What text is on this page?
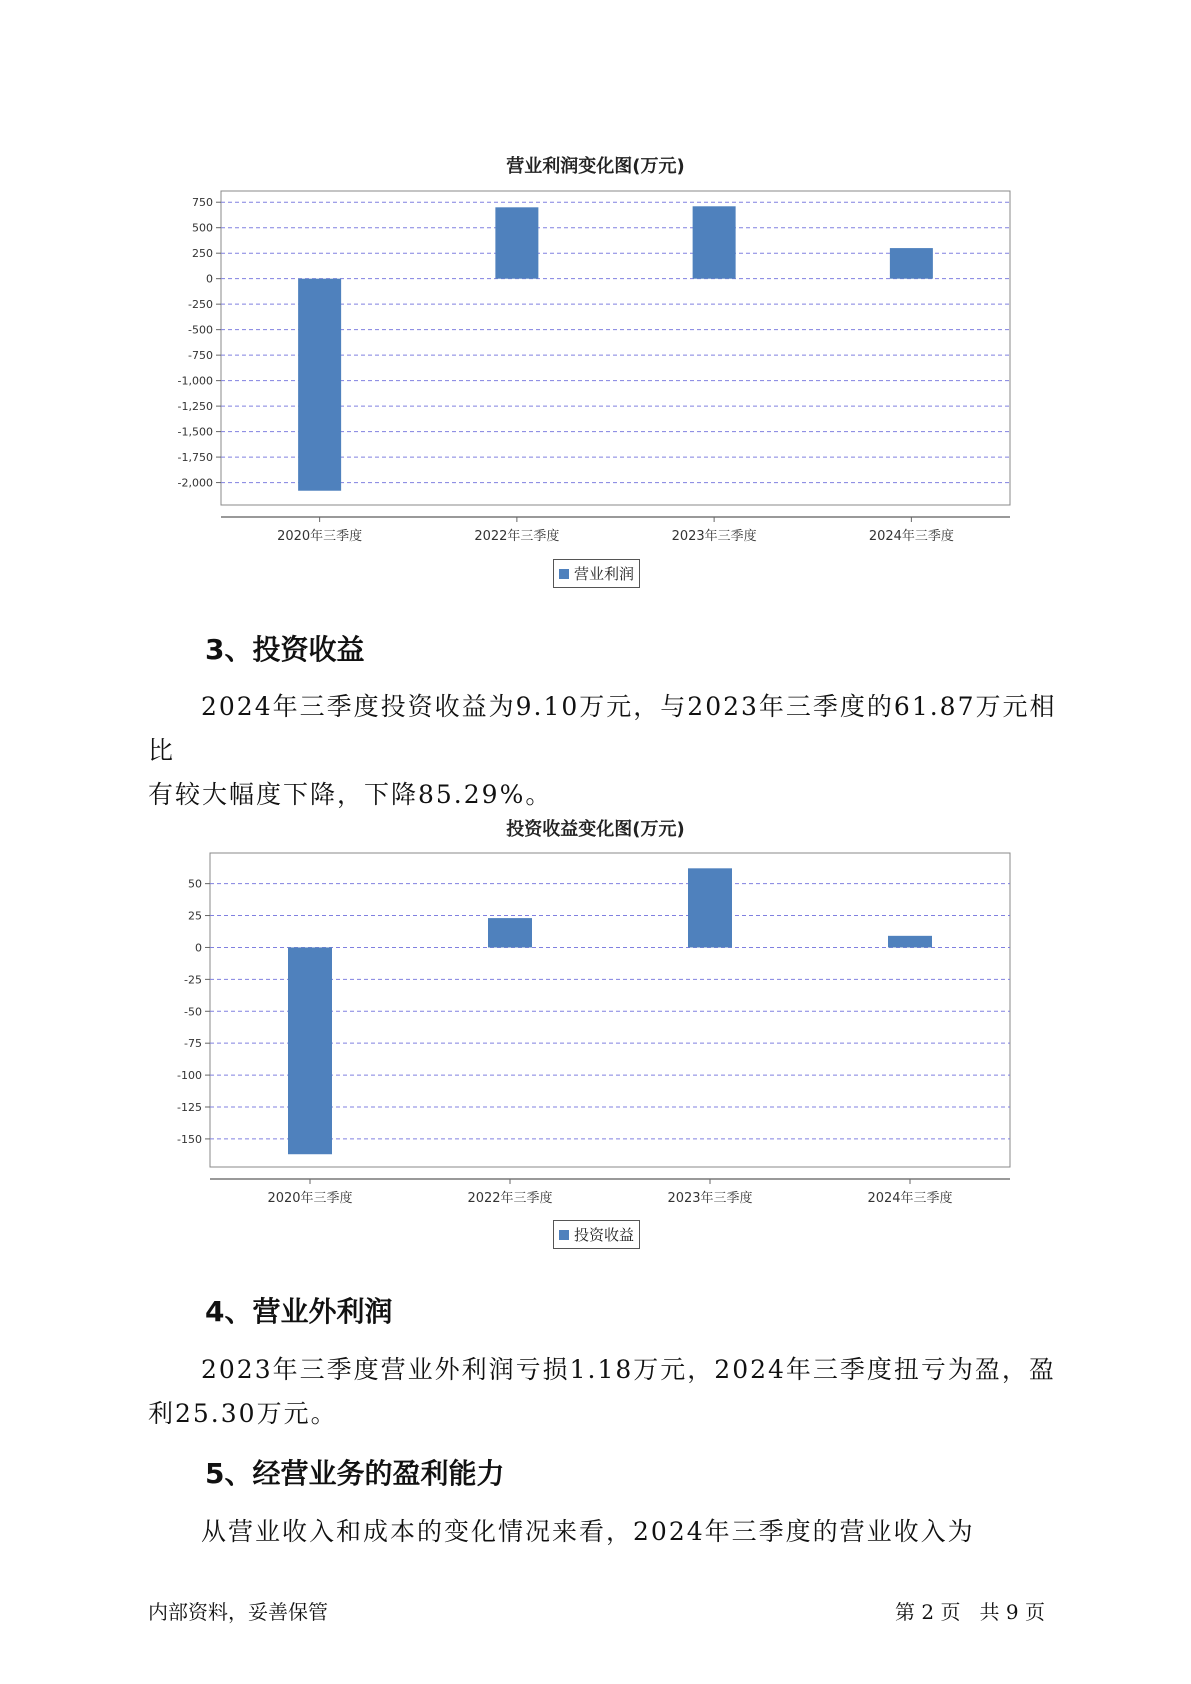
营业利润变化图(万元)
750
500
250
0
-250
-500
-750
-1,000
-1,250
-1,500
-1,750
-2,000
2020年三季度	2022年三季度	2023年三季度	2024年三季度
营业利润
3、投资收益

2024年三季度投资收益为9.10万元，与2023年三季度的61.87万元相比

有较大幅度下降，下降85.29%。

投资收益变化图(万元)
50
25
0
-25
-50
-75
-100
-125
-150
2020年三季度	2022年三季度	2023年三季度	2024年三季度
投资收益
4、营业外利润

2023年三季度营业外利润亏损1.18万元，2024年三季度扭亏为盈，盈

利25.30万元。

5、经营业务的盈利能力

从营业收入和成本的变化情况来看，2024年三季度的营业收入为

内部资料，妥善保管	第 2 页   共 9 页
